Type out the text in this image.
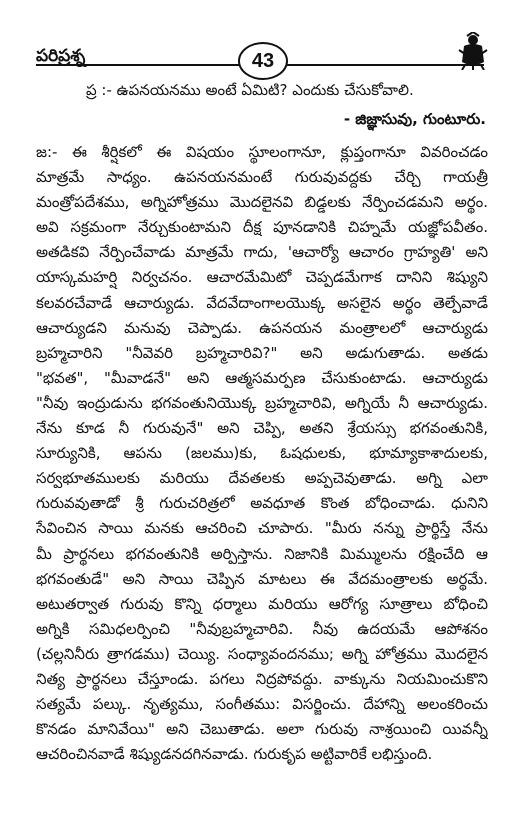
పరిప్రశ్న	43
ప్ర :- ఉపనయనము అంటే ఏమిటి? ఎందుకు చేసుకోవాలి.
- జిజ్ఞాసువు, గుంటూరు.
జ:- ఈ శీర్షికలో ఈ విషయం స్థూలంగానూ, క్లుప్తంగానూ వివరించడం
మాత్రమే సాధ్యం. ఉపనయనమంటే గురువువద్దకు చేర్చి గాయత్రీ
మంత్రోపదేశము, అగ్నిహోత్రము మొదలైనవి బిడ్డలకు నేర్పించడమని అర్థం.
అవి సక్రమంగా నేర్చుకుంటామని దీక్ష పూనడానికి చిహ్నమే యజ్ఞోపవీతం.
అతడికవి నేర్పించేవాడు మాత్రమే గాదు, 'ఆచార్యో ఆచారం గ్రాహ్యతి' అని
యాస్కమహర్షి నిర్వచనం. ఆచారమేమిటో చెప్పడమేగాక దానిని శిష్యుని
కలవరచేవాడే ఆచార్యుడు. వేదవేదాంగాలయొక్క అసలైన అర్థం తెల్పేవాడే
ఆచార్యుడని మనువు చెప్పాడు. ఉపనయన మంత్రాలలో ఆచార్యుడు
బ్రహ్మచారిని "నీవెవరి బ్రహ్మచారివి?" అని అడుగుతాడు. అతడు
"భవత", "మీవాడనే" అని ఆత్మసమర్పణ చేసుకుంటాడు. ఆచార్యుడు
"నీవు ఇంద్రుడును భగవంతునియొక్క బ్రహ్మచారివి, అగ్నియే నీ ఆచార్యుడు.
నేను కూడ నీ గురువునే" అని చెప్పి, అతని శ్రేయస్సు భగవంతునికి,
సూర్యునికి, ఆపను (జలము)కు, ఓషధులకు, భూమ్యాకాశాదులకు,
సర్వభూతములకు మరియు దేవతలకు అప్పచెవుతాడు. అగ్ని ఎలా
గురువవుతాడో శ్రీ గురుచరిత్రలో అవధూత కొంత బోధించాడు. ధునిని
సేవించిన సాయి మనకు ఆచరించి చూపారు. "మీరు నన్ను ప్రార్థిస్తే నేను
మీ ప్రార్థనలు భగవంతునికి అర్పిస్తాను. నిజానికి మిమ్ములను రక్షించేది ఆ
భగవంతుడే" అని సాయి చెప్పిన మాటలు ఈ వేదమంత్రాలకు అర్థమే.
అటుతర్వాత గురువు కొన్ని ధర్మాలు మరియు ఆరోగ్య సూత్రాలు బోధించి
అగ్నికి సమిధలర్పించి "నీవుబ్రహ్మచారివి. నీవు ఉదయమే ఆపోశనం
(చల్లనినీరు త్రాగడము) చెయ్యి. సంధ్యావందనము; అగ్ని హోత్రము మొదలైన
నిత్య ప్రార్థనలు చేస్తూండు. పగలు నిద్రపోవద్దు. వాక్కును నియమించుకొని
సత్యమే పల్కు. నృత్యము, సంగీతము: విసర్జించు. దేహాన్ని అలంకరించు
కొనడం మానివేయి" అని చెబుతాడు. అలా గురువు నాశ్రయించి యివన్నీ
ఆచరించినవాడే శిష్యుడనదగినవాడు. గురుకృప అట్టివారికే లభిస్తుంది.
